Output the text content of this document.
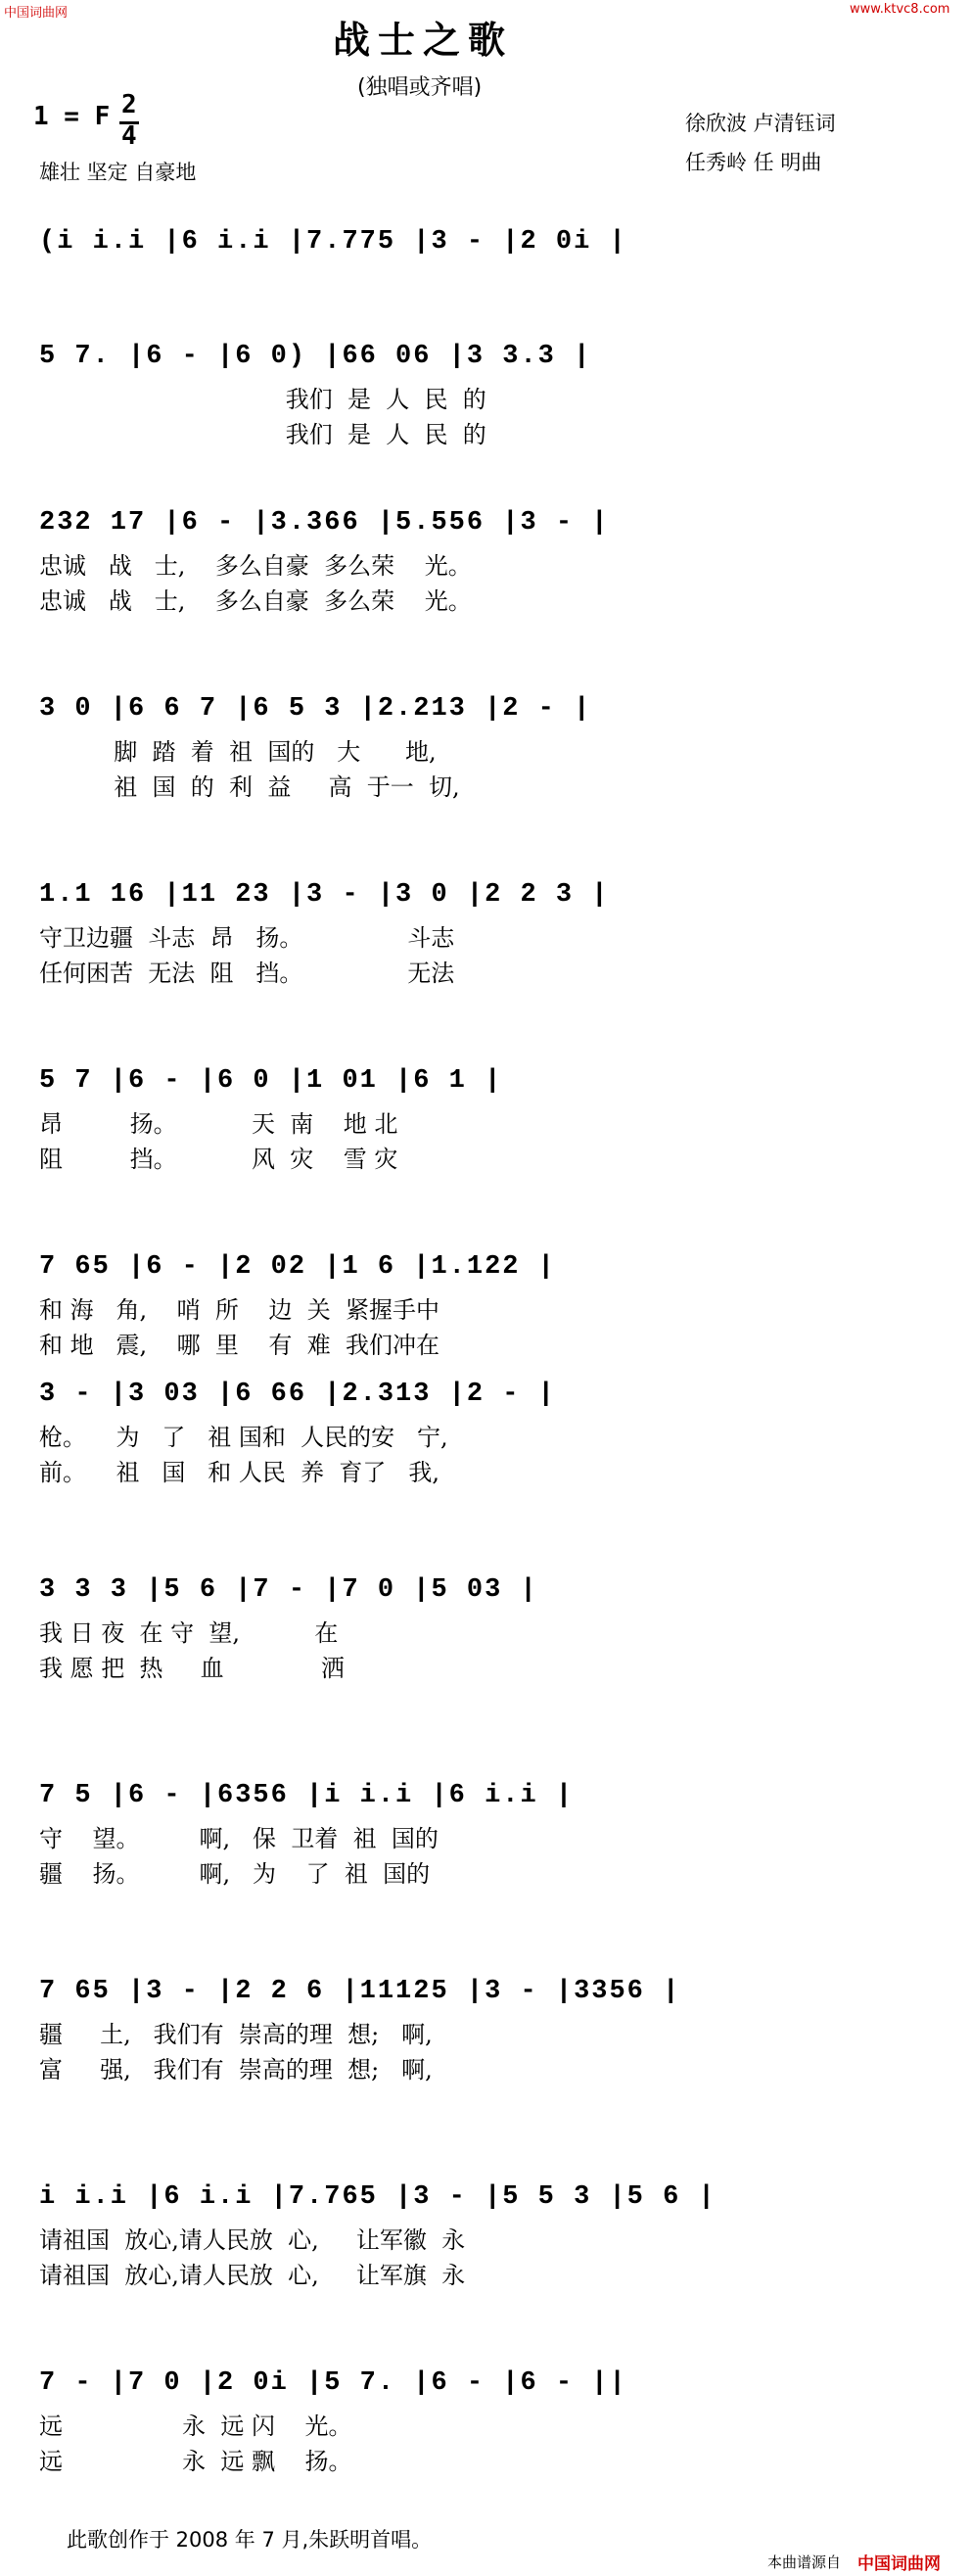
中国词曲网	www.ktvc8.com
战士之歌
(独唱或齐唱)
1 = F 2
4
雄壮 坚定 自豪地
徐欣波 卢清钰词
任秀岭 任 明曲
(i i.i |6 i.i |7.775 |3 - |2 0i |
5 7. |6 - |6 0) |66 06 |3 3.3 |
我们  是  人  民  的
我们  是  人  民  的
232 17 |6 - |3.366 |5.556 |3 - |
忠诚   战   士,    多么自豪  多么荣    光。
忠诚   战   士,    多么自豪  多么荣    光。
3 0 |6 6 7 |6 5 3 |2.213 |2 - |
脚  踏  着  祖  国的   大      地,
祖  国  的  利  益     高  于一  切,
1.1 16 |11 23 |3 - |3 0 |2 2 3 |
守卫边疆  斗志  昂   扬。              斗志
任何困苦  无法  阻   挡。              无法
5 7 |6 - |6 0 |1 01 |6 1 |
昂         扬。          天  南    地 北
阻         挡。          风  灾    雪 灾
7 65 |6 - |2 02 |1 6 |1.122 |
和 海   角,    哨  所    边  关  紧握手中
和 地   震,    哪  里    有  难  我们冲在
3 - |3 03 |6 66 |2.313 |2 - |
枪。    为   了   祖 国和  人民的安   宁,
前。    祖   国   和 人民  养  育了   我,
3 3 3 |5 6 |7 - |7 0 |5 03 |
我 日 夜  在 守  望,          在
我 愿 把  热     血             洒
7 5 |6 - |6356 |i i.i |6 i.i |
守    望。        啊,   保  卫着  祖  国的
疆    扬。        啊,   为    了  祖  国的
7 65 |3 - |2 2 6 |11125 |3 - |3356 |
疆     土,   我们有  崇高的理  想;   啊,
富     强,   我们有  崇高的理  想;   啊,
i i.i |6 i.i |7.765 |3 - |5 5 3 |5 6 |
请祖国  放心,请人民放  心,     让军徽  永
请祖国  放心,请人民放  心,     让军旗  永
7 - |7 0 |2 0i |5 7. |6 - |6 - ||
远                永  远 闪    光。
远                永  远 飘    扬。
此歌创作于 2008 年 7 月,朱跃明首唱。
本曲谱源自 中国词曲网
